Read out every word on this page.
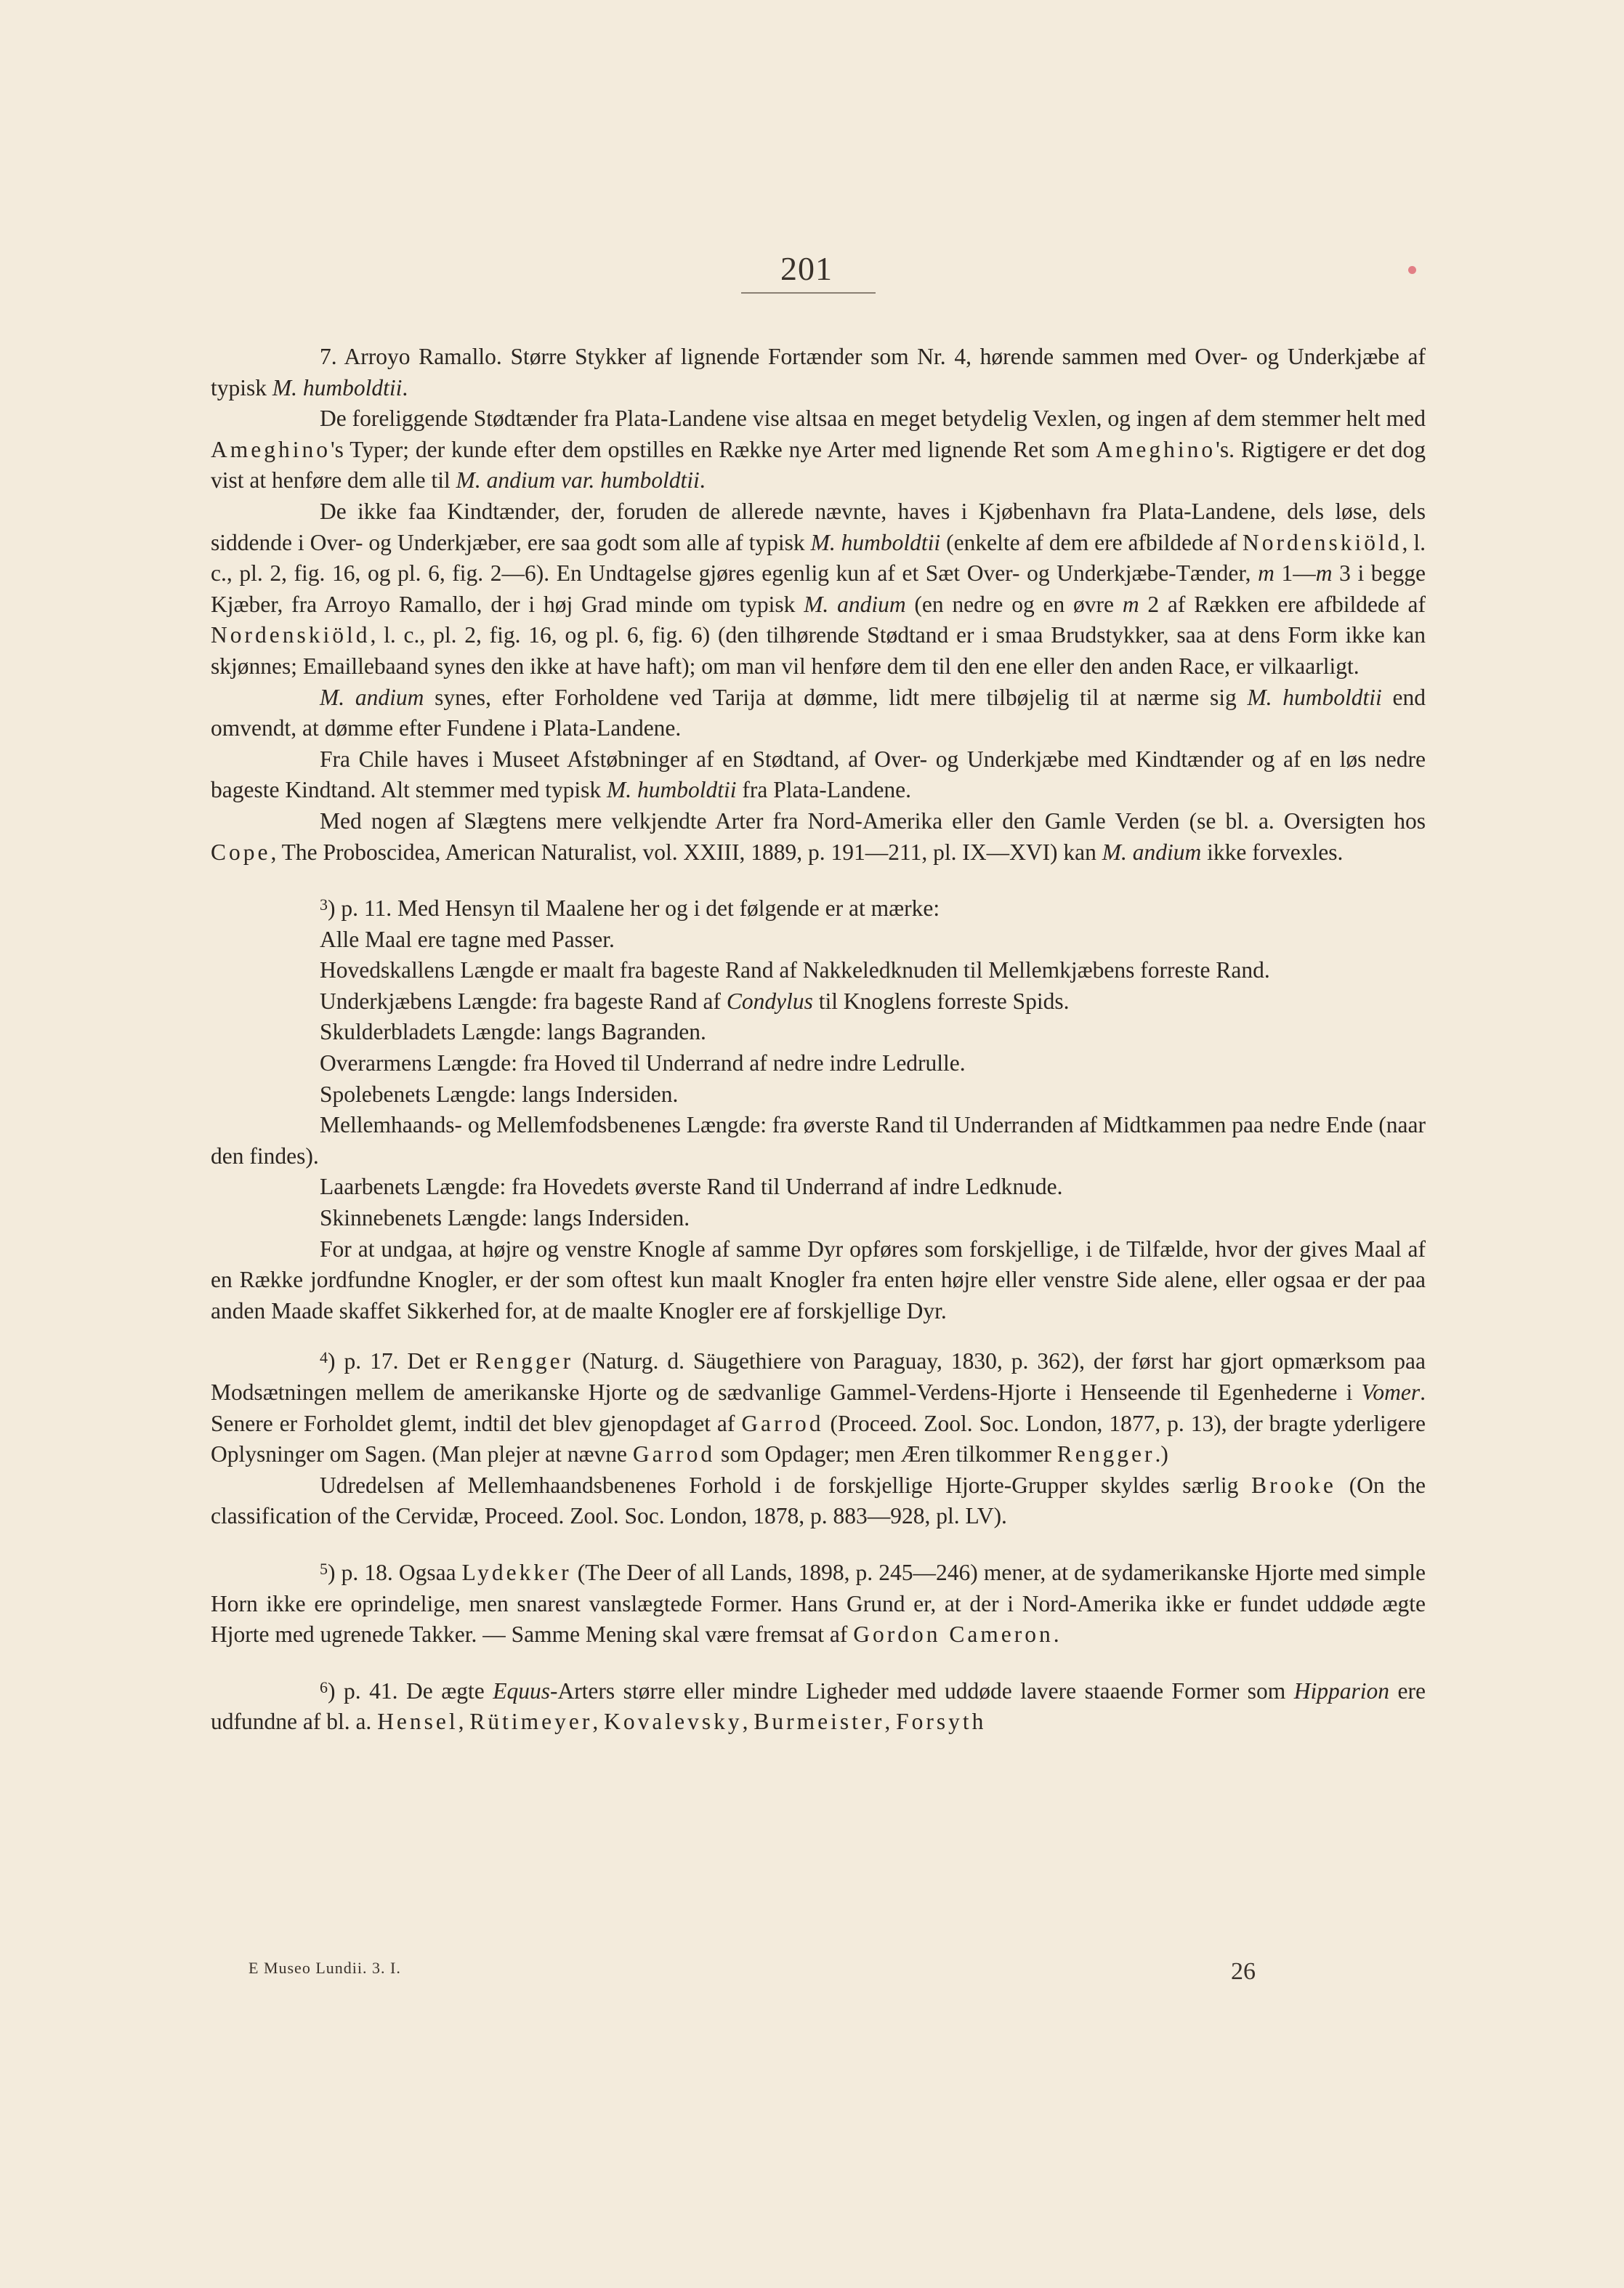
201

7. Arroyo Ramallo. Større Stykker af lignende Fortænder som Nr. 4, hørende sammen med Over- og Underkjæbe af typisk M. humboldtii.

De foreliggende Stødtænder fra Plata-Landene vise altsaa en meget betydelig Vexlen, og ingen af dem stemmer helt med Ameghino's Typer; der kunde efter dem opstilles en Række nye Arter med lignende Ret som Ameghino's. Rigtigere er det dog vist at henføre dem alle til M. andium var. humboldtii.

De ikke faa Kindtænder, der, foruden de allerede nævnte, haves i Kjøbenhavn fra Plata-Landene, dels løse, dels siddende i Over- og Underkjæber, ere saa godt som alle af typisk M. humboldtii (enkelte af dem ere afbildede af Nordenskiöld, l. c., pl. 2, fig. 16, og pl. 6, fig. 2—6). En Undtagelse gjøres egenlig kun af et Sæt Over- og Underkjæbe-Tænder, m 1—m 3 i begge Kjæber, fra Arroyo Ramallo, der i høj Grad minde om typisk M. andium (en nedre og en øvre m 2 af Rækken ere afbildede af Nordenskiöld, l. c., pl. 2, fig. 16, og pl. 6, fig. 6) (den tilhørende Stødtand er i smaa Brudstykker, saa at dens Form ikke kan skjønnes; Emaillebaand synes den ikke at have haft); om man vil henføre dem til den ene eller den anden Race, er vilkaarligt.

M. andium synes, efter Forholdene ved Tarija at dømme, lidt mere tilbøjelig til at nærme sig M. humboldtii end omvendt, at dømme efter Fundene i Plata-Landene.

Fra Chile haves i Museet Afstøbninger af en Stødtand, af Over- og Underkjæbe med Kindtænder og af en løs nedre bageste Kindtand. Alt stemmer med typisk M. humboldtii fra Plata-Landene.

Med nogen af Slægtens mere velkjendte Arter fra Nord-Amerika eller den Gamle Verden (se bl. a. Oversigten hos Cope, The Proboscidea, American Naturalist, vol. XXIII, 1889, p. 191—211, pl. IX—XVI) kan M. andium ikke forvexles.

$^3$) p. 11. Med Hensyn til Maalene her og i det følgende er at mærke:

Alle Maal ere tagne med Passer.

Hovedskallens Længde er maalt fra bageste Rand af Nakkeledknuden til Mellemkjæbens forreste Rand.

Underkjæbens Længde: fra bageste Rand af Condylus til Knoglens forreste Spids.

Skulderbladets Længde: langs Bagranden.

Overarmens Længde: fra Hoved til Underrand af nedre indre Ledrulle.

Spolebenets Længde: langs Indersiden.

Mellemhaands- og Mellemfodsbenenes Længde: fra øverste Rand til Underranden af Midtkammen paa nedre Ende (naar den findes).

Laarbenets Længde: fra Hovedets øverste Rand til Underrand af indre Ledknude.

Skinnebenets Længde: langs Indersiden.

For at undgaa, at højre og venstre Knogle af samme Dyr opføres som forskjellige, i de Tilfælde, hvor der gives Maal af en Række jordfundne Knogler, er der som oftest kun maalt Knogler fra enten højre eller venstre Side alene, eller ogsaa er der paa anden Maade skaffet Sikkerhed for, at de maalte Knogler ere af forskjellige Dyr.

$^4$) p. 17. Det er Rengger (Naturg. d. Säugethiere von Paraguay, 1830, p. 362), der først har gjort opmærksom paa Modsætningen mellem de amerikanske Hjorte og de sædvanlige Gammel-Verdens-Hjorte i Henseende til Egenhederne i Vomer. Senere er Forholdet glemt, indtil det blev gjenopdaget af Garrod (Proceed. Zool. Soc. London, 1877, p. 13), der bragte yderligere Oplysninger om Sagen. (Man plejer at nævne Garrod som Opdager; men Æren tilkommer Rengger.)

Udredelsen af Mellemhaandsbenenes Forhold i de forskjellige Hjorte-Grupper skyldes særlig Brooke (On the classification of the Cervidæ, Proceed. Zool. Soc. London, 1878, p. 883—928, pl. LV).

$^5$) p. 18. Ogsaa Lydekker (The Deer of all Lands, 1898, p. 245—246) mener, at de sydamerikanske Hjorte med simple Horn ikke ere oprindelige, men snarest vanslægtede Former. Hans Grund er, at der i Nord-Amerika ikke er fundet uddøde ægte Hjorte med ugrenede Takker. — Samme Mening skal være fremsat af Gordon Cameron.

$^6$) p. 41. De ægte Equus-Arters større eller mindre Ligheder med uddøde lavere staaende Former som Hipparion ere udfundne af bl. a. Hensel, Rütimeyer, Kovalevsky, Burmeister, Forsyth

E Museo Lundii. 3. I.	26
